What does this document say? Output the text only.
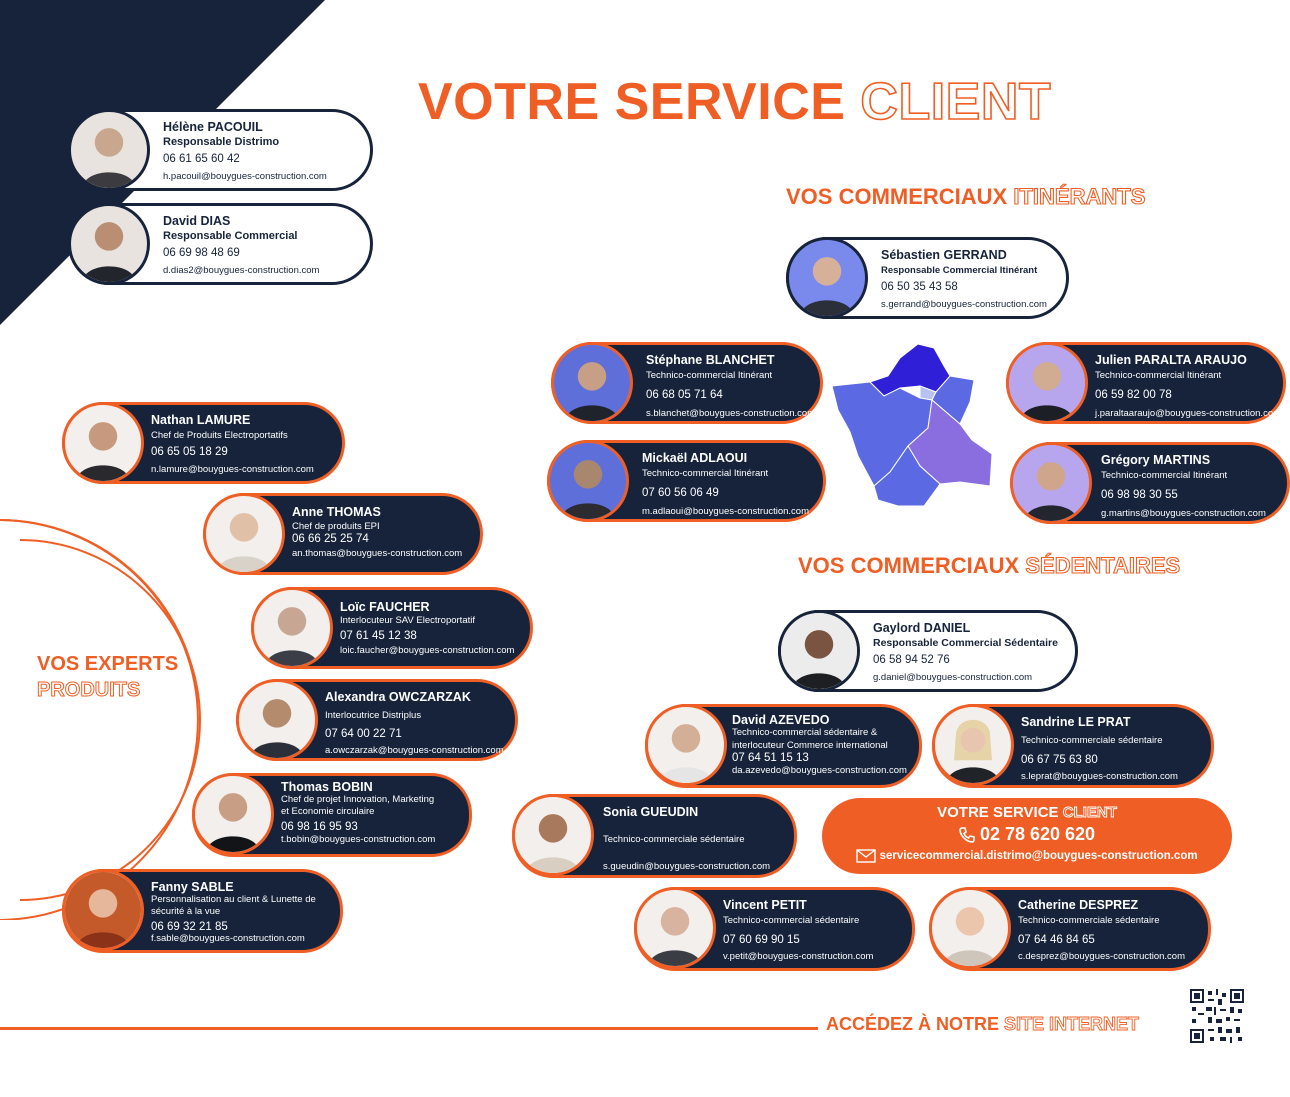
VOTRE SERVICE CLIENT
VOS COMMERCIAUX ITINÉRANTS
VOS COMMERCIAUX SÉDENTAIRES
VOS EXPERTS
PRODUITS
Hélène PACOUIL
Responsable Distrimo
06 61 65 60 42
h.pacouil@bouygues-construction.com
David DIAS
Responsable Commercial
06 69 98 48 69
d.dias2@bouygues-construction.com
Sébastien GERRAND
Responsable Commercial Itinérant
06 50 35 43 58
s.gerrand@bouygues-construction.com
Stéphane BLANCHET
Technico-commercial Itinérant
06 68 05 71 64
s.blanchet@bouygues-construction.com
Mickaël ADLAOUI
Technico-commercial Itinérant
07 60 56 06 49
m.adlaoui@bouygues-construction.com
Julien PARALTA ARAUJO
Technico-commercial Itinérant
06 59 82 00 78
j.paraltaaraujo@bouygues-construction.com
Grégory MARTINS
Technico-commercial Itinérant
06 98 98 30 55
g.martins@bouygues-construction.com
Nathan LAMURE
Chef de Produits Electroportatifs
06 65 05 18 29
n.lamure@bouygues-construction.com
Anne THOMAS
Chef de produits EPI
06 66 25 25 74
an.thomas@bouygues-construction.com
Loïc FAUCHER
Interlocuteur SAV Electroportatif
07 61 45 12 38
loic.faucher@bouygues-construction.com
Alexandra OWCZARZAK
Interlocutrice Distriplus
07 64 00 22 71
a.owczarzak@bouygues-construction.com
Thomas BOBIN
Chef de projet Innovation, Marketing
et Economie circulaire
06 98 16 95 93
t.bobin@bouygues-construction.com
Fanny SABLE
Personnalisation au client & Lunette de
sécurité à la vue
06 69 32 21 85
f.sable@bouygues-construction.com
Gaylord DANIEL
Responsable Commercial Sédentaire
06 58 94 52 76
g.daniel@bouygues-construction.com
David AZEVEDO
Technico-commercial sédentaire &
interlocuteur Commerce international
07 64 51 15 13
da.azevedo@bouygues-construction.com
Sandrine LE PRAT
Technico-commerciale sédentaire
06 67 75 63 80
s.leprat@bouygues-construction.com
Sonia GUEUDIN
Technico-commerciale sédentaire
s.gueudin@bouygues-construction.com
VOTRE SERVICE CLIENT
02 78 620 620
servicecommercial.distrimo@bouygues-construction.com
Vincent PETIT
Technico-commercial sédentaire
07 60 69 90 15
v.petit@bouygues-construction.com
Catherine DESPREZ
Technico-commerciale sédentaire
07 64 46 84 65
c.desprez@bouygues-construction.com
ACCÉDEZ À NOTRE SITE INTERNET
